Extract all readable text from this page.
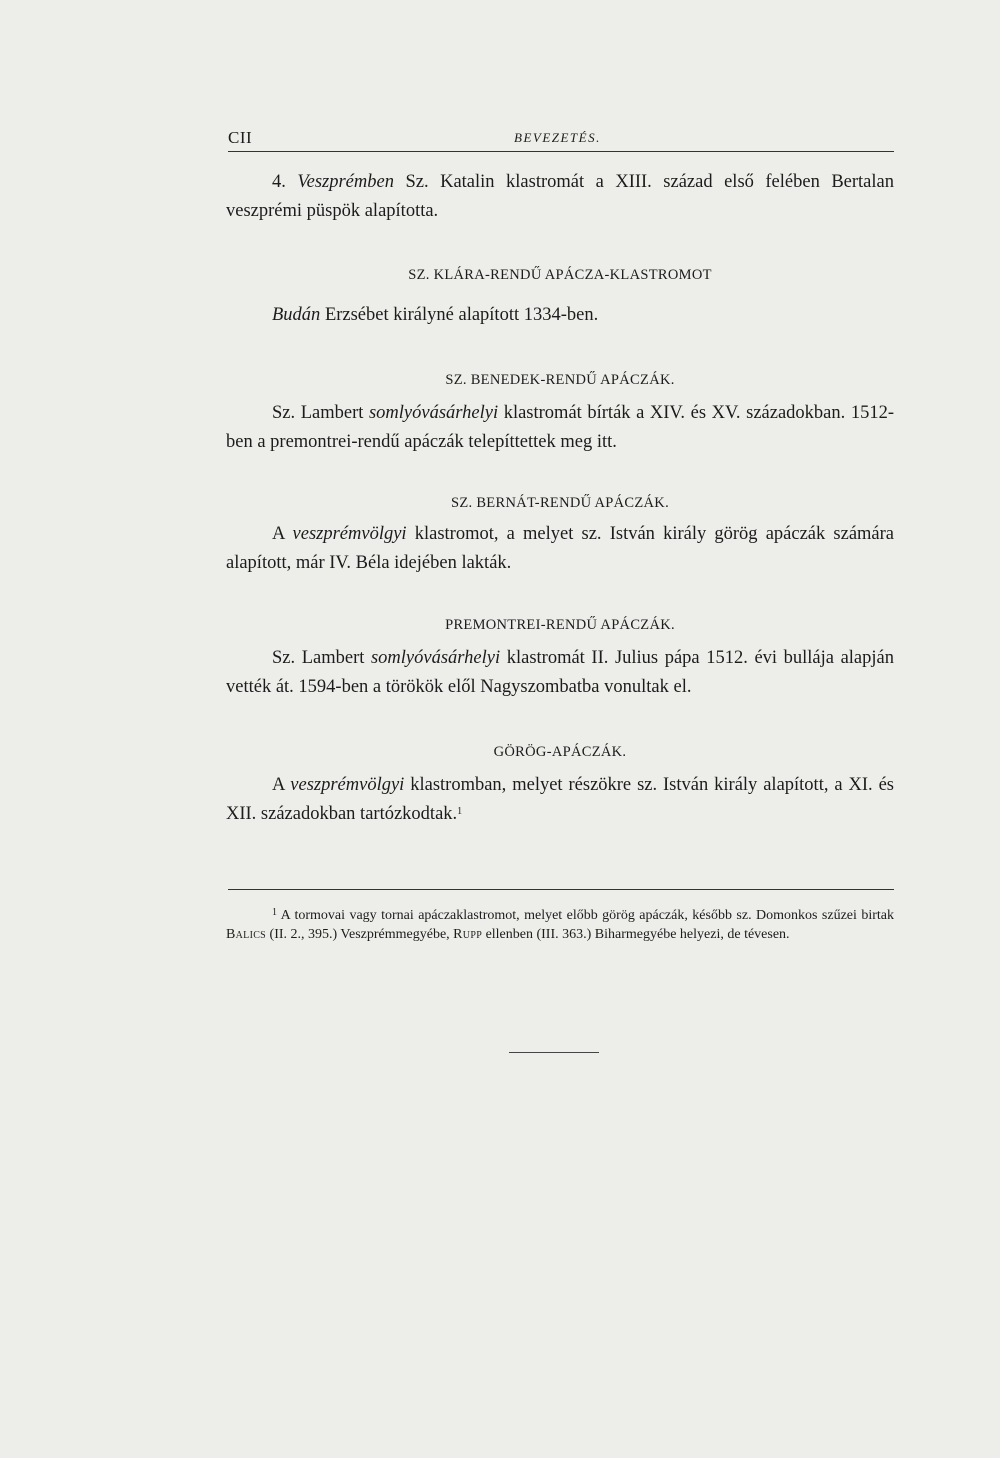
CII	BEVEZETÉS.

4. Veszprémben Sz. Katalin klastromát a XIII. század első felében Bertalan veszprémi püspök alapította.

SZ. KLÁRA-RENDŰ APÁCZA-KLASTROMOT

Budán Erzsébet királyné alapított 1334-ben.

SZ. BENEDEK-RENDŰ APÁCZÁK.

Sz. Lambert somlyóvásárhelyi klastromát bírták a XIV. és XV. századokban. 1512-ben a premontrei-rendű apáczák telepíttettek meg itt.

SZ. BERNÁT-RENDŰ APÁCZÁK.

A veszprémvölgyi klastromot, a melyet sz. István király görög apáczák számára alapított, már IV. Béla idejében lakták.

PREMONTREI-RENDŰ APÁCZÁK.

Sz. Lambert somlyóvásárhelyi klastromát II. Julius pápa 1512. évi bullája alapján vették át. 1594-ben a törökök elől Nagyszombatba vonultak el.

GÖRÖG-APÁCZÁK.

A veszprémvölgyi klastromban, melyet részökre sz. István király alapított, a XI. és XII. századokban tartózkodtak.$^1$

$^1$ A tormovai vagy tornai apáczaklastromot, melyet előbb görög apáczák, később sz. Domonkos szűzei birtak Balics (II. 2., 395.) Veszprémmegyébe, Rupp ellenben (III. 363.) Biharmegyébe helyezi, de tévesen.
